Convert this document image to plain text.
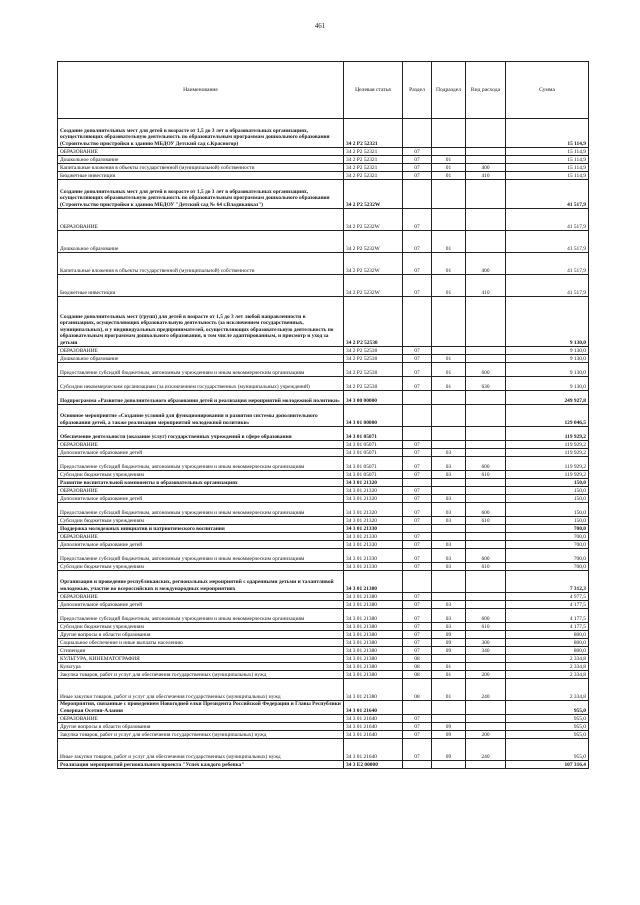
461
Наименование	Целевая статья	Раздел	Подраздел	Вид расхода	Сумма
Создание дополнительных мест для детей в возрасте от 1,5 до 3 лет в образовательных организациях, осуществляющих образовательную деятельность по образовательным программам дошкольного образования (Строительство пристройки к зданию МБДОУ Детский сад с.Красногор)	34 2 P2 52321				15 114,9
ОБРАЗОВАНИЕ	34 2 P2 52321	07			15 114,9
Дошкольное образование	34 2 P2 52321	07	01		15 114,9
Капитальные вложения в объекты государственной (муниципальной) собственности	34 2 P2 52321	07	01	400	15 114,9
Бюджетные инвестиции	34 2 P2 52321	07	01	410	15 114,9
Создание дополнительных мест для детей в возрасте от 1,5 до 3 лет в образовательных организациях, осуществляющих образовательную деятельность по образовательным программам дошкольного образования (Строительство пристройки к зданию МБДОУ "Детский сад № 64 г.Владикавказ")	34 2 P2 5232W				41 517,9
ОБРАЗОВАНИЕ	34 2 P2 5232W	07			41 517,9
Дошкольное образование	34 2 P2 5232W	07	01		41 517,9
Капитальные вложения в объекты государственной (муниципальной) собственности	34 2 P2 5232W	07	01	400	41 517,9
Бюджетные инвестиции	34 2 P2 5232W	07	01	410	41 517,9
Создание дополнительных мест (групп) для детей в возрасте от 1,5 до 3 лет любой направленности в организациях, осуществляющих образовательную деятельность (за исключением государственных, муниципальных), и у индивидуальных предпринимателей, осуществляющих образовательную деятельность по образовательным программам дошкольного образования, в том числе адаптированным, и присмотр и уход за детьми	34 2 P2 52530				9 130,0
ОБРАЗОВАНИЕ	34 2 P2 52530	07			9 130,0
Дошкольное образование	34 2 P2 52530	07	01		9 130,0
Предоставление субсидий бюджетным, автономным учреждениям и иным некоммерческим организациям	34 2 P2 52530	07	01	600	9 130,0
Субсидии некоммерческим организациям (за исключением государственных (муниципальных) учреждений)	34 2 P2 52530	07	01	630	9 130,0
Подпрограмма «Развитие дополнительного образования детей и реализация мероприятий молодежной политики»	34 3 00 00000				249 927,8
Основное мероприятие «Создание условий для функционирования и развития системы дополнительного образования детей, а также реализации мероприятий молодежной политики»	34 3 01 00000				129 046,5
Обеспечение деятельности (оказание услуг) государственных учреждений в сфере образования	34 3 01 05071				119 929,2
ОБРАЗОВАНИЕ	34 3 01 05071	07			119 929,2
Дополнительное образование детей	34 3 01 05071	07	03		119 929,2
Предоставление субсидий бюджетным, автономным учреждениям и иным некоммерческим организациям	34 3 01 05071	07	03	600	119 929,2
Субсидии бюджетным учреждениям	34 3 01 05071	07	03	610	119 929,2
Развитие воспитательной компоненты в образовательных организациях	34 3 01 21320				150,0
ОБРАЗОВАНИЕ	34 3 01 21320	07			150,0
Дополнительное образование детей	34 3 01 21320	07	03		150,0
Предоставление субсидий бюджетным, автономным учреждениям и иным некоммерческим организациям	34 3 01 21320	07	03	600	150,0
Субсидии бюджетным учреждениям	34 3 01 21320	07	03	610	150,0
Поддержка молодежных инициатив и патриотического воспитания	34 3 01 21330				700,0
ОБРАЗОВАНИЕ	34 3 01 21330	07			700,0
Дополнительное образование детей	34 3 01 21330	07	03		700,0
Предоставление субсидий бюджетным, автономным учреждениям и иным некоммерческим организациям	34 3 01 21330	07	03	600	700,0
Субсидии бюджетным учреждениям	34 3 01 21330	07	03	610	700,0
Организация и проведение республиканских, региональных мероприятий с одаренными детьми и талантливой молодежью, участие во всероссийских и международных мероприятиях	34 3 01 21380				7 312,3
ОБРАЗОВАНИЕ	34 3 01 21380	07			4 977,5
Дополнительное образование детей	34 3 01 21380	07	03		4 177,5
Предоставление субсидий бюджетным, автономным учреждениям и иным некоммерческим организациям	34 3 01 21380	07	03	600	4 177,5
Субсидии бюджетным учреждениям	34 3 01 21380	07	03	610	4 177,5
Другие вопросы в области образования	34 3 01 21380	07	09		800,0
Социальное обеспечение и иные выплаты населению	34 3 01 21380	07	09	300	800,0
Стипендии	34 3 01 21380	07	09	340	800,0
КУЛЬТУРА, КИНЕМАТОГРАФИЯ	34 3 01 21380	08			2 334,8
Культура	34 3 01 21380	08	01		2 334,8
Закупка товаров, работ и услуг для обеспечения государственных (муниципальных) нужд	34 3 01 21380	08	01	200	2 334,8
Иные закупки товаров, работ и услуг для обеспечения государственных (муниципальных) нужд	34 3 01 21380	08	01	240	2 334,8
Мероприятия, связанные с проведением Новогодней елки Президента Российской Федерации и Главы Республики Северная Осетия-Алания	34 3 01 21640				955,0
ОБРАЗОВАНИЕ	34 3 01 21640	07			955,0
Другие вопросы в области образования	34 3 01 21640	07	09		955,0
Закупка товаров, работ и услуг для обеспечения государственных (муниципальных) нужд	34 3 01 21640	07	09	200	955,0
Иные закупки товаров, работ и услуг для обеспечения государственных (муниципальных) нужд	34 3 01 21640	07	09	240	955,0
Реализация мероприятий регионального проекта "Успех каждого ребенка"	34 3 E2 00000				107 316,4
